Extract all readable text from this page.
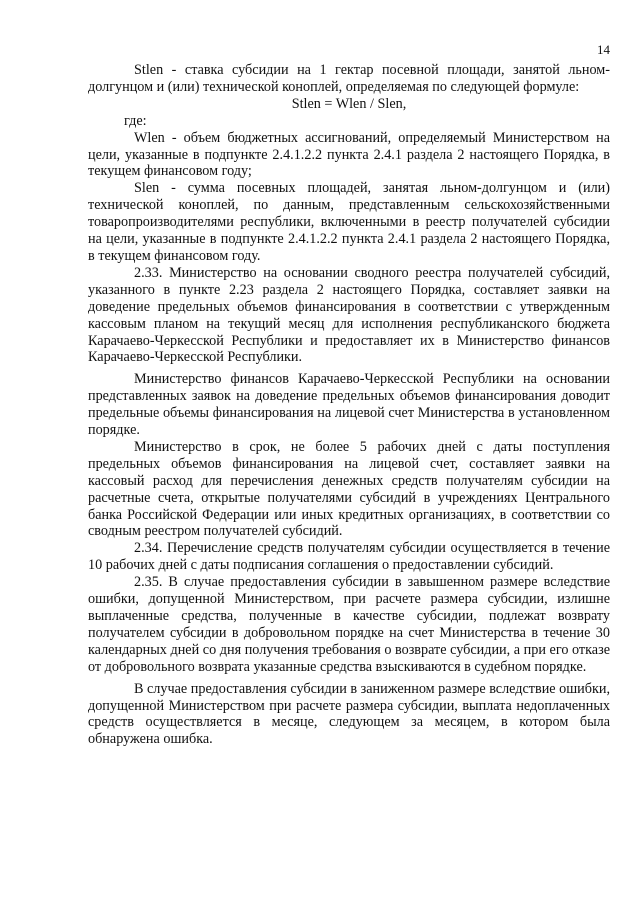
14

Stlen - ставка субсидии на 1 гектар посевной площади, занятой льном-долгунцом и (или) технической коноплей, определяемая по следующей формуле:

Stlen = Wlen / Slen,

где:

Wlen - объем бюджетных ассигнований, определяемый Министерством на цели, указанные в подпункте 2.4.1.2.2 пункта 2.4.1 раздела 2 настоящего Порядка, в текущем финансовом году;

Slen - сумма посевных площадей, занятая льном-долгунцом и (или) технической коноплей, по данным, представленным сельскохозяйственными товаропроизводителями республики, включенными в реестр получателей субсидии на цели, указанные в подпункте 2.4.1.2.2 пункта 2.4.1 раздела 2 настоящего Порядка, в текущем финансовом году.

2.33. Министерство на основании сводного реестра получателей субсидий, указанного в пункте 2.23 раздела 2 настоящего Порядка, составляет заявки на доведение предельных объемов финансирования в соответствии с утвержденным кассовым планом на текущий месяц для исполнения республиканского бюджета Карачаево-Черкесской Республики и предоставляет их в Министерство финансов Карачаево-Черкесской Республики.

Министерство финансов Карачаево-Черкесской Республики на основании представленных заявок на доведение предельных объемов финансирования доводит предельные объемы финансирования на лицевой счет Министерства в установленном порядке.

Министерство в срок, не более 5 рабочих дней с даты поступления предельных объемов финансирования на лицевой счет, составляет заявки на кассовый расход для перечисления денежных средств получателям субсидии на расчетные счета, открытые получателями субсидий в учреждениях Центрального банка Российской Федерации или иных кредитных организациях, в соответствии со сводным реестром получателей субсидий.

2.34. Перечисление средств получателям субсидии осуществляется в течение 10 рабочих дней с даты подписания соглашения о предоставлении субсидий.

2.35. В случае предоставления субсидии в завышенном размере вследствие ошибки, допущенной Министерством, при расчете размера субсидии, излишне выплаченные средства, полученные в качестве субсидии, подлежат возврату получателем субсидии в добровольном порядке на счет Министерства в течение 30 календарных дней со дня получения требования о возврате субсидии, а при его отказе от добровольного возврата указанные средства взыскиваются в судебном порядке.

В случае предоставления субсидии в заниженном размере вследствие ошибки, допущенной Министерством при расчете размера субсидии, выплата недоплаченных средств осуществляется в месяце, следующем за месяцем, в котором была обнаружена ошибка.
